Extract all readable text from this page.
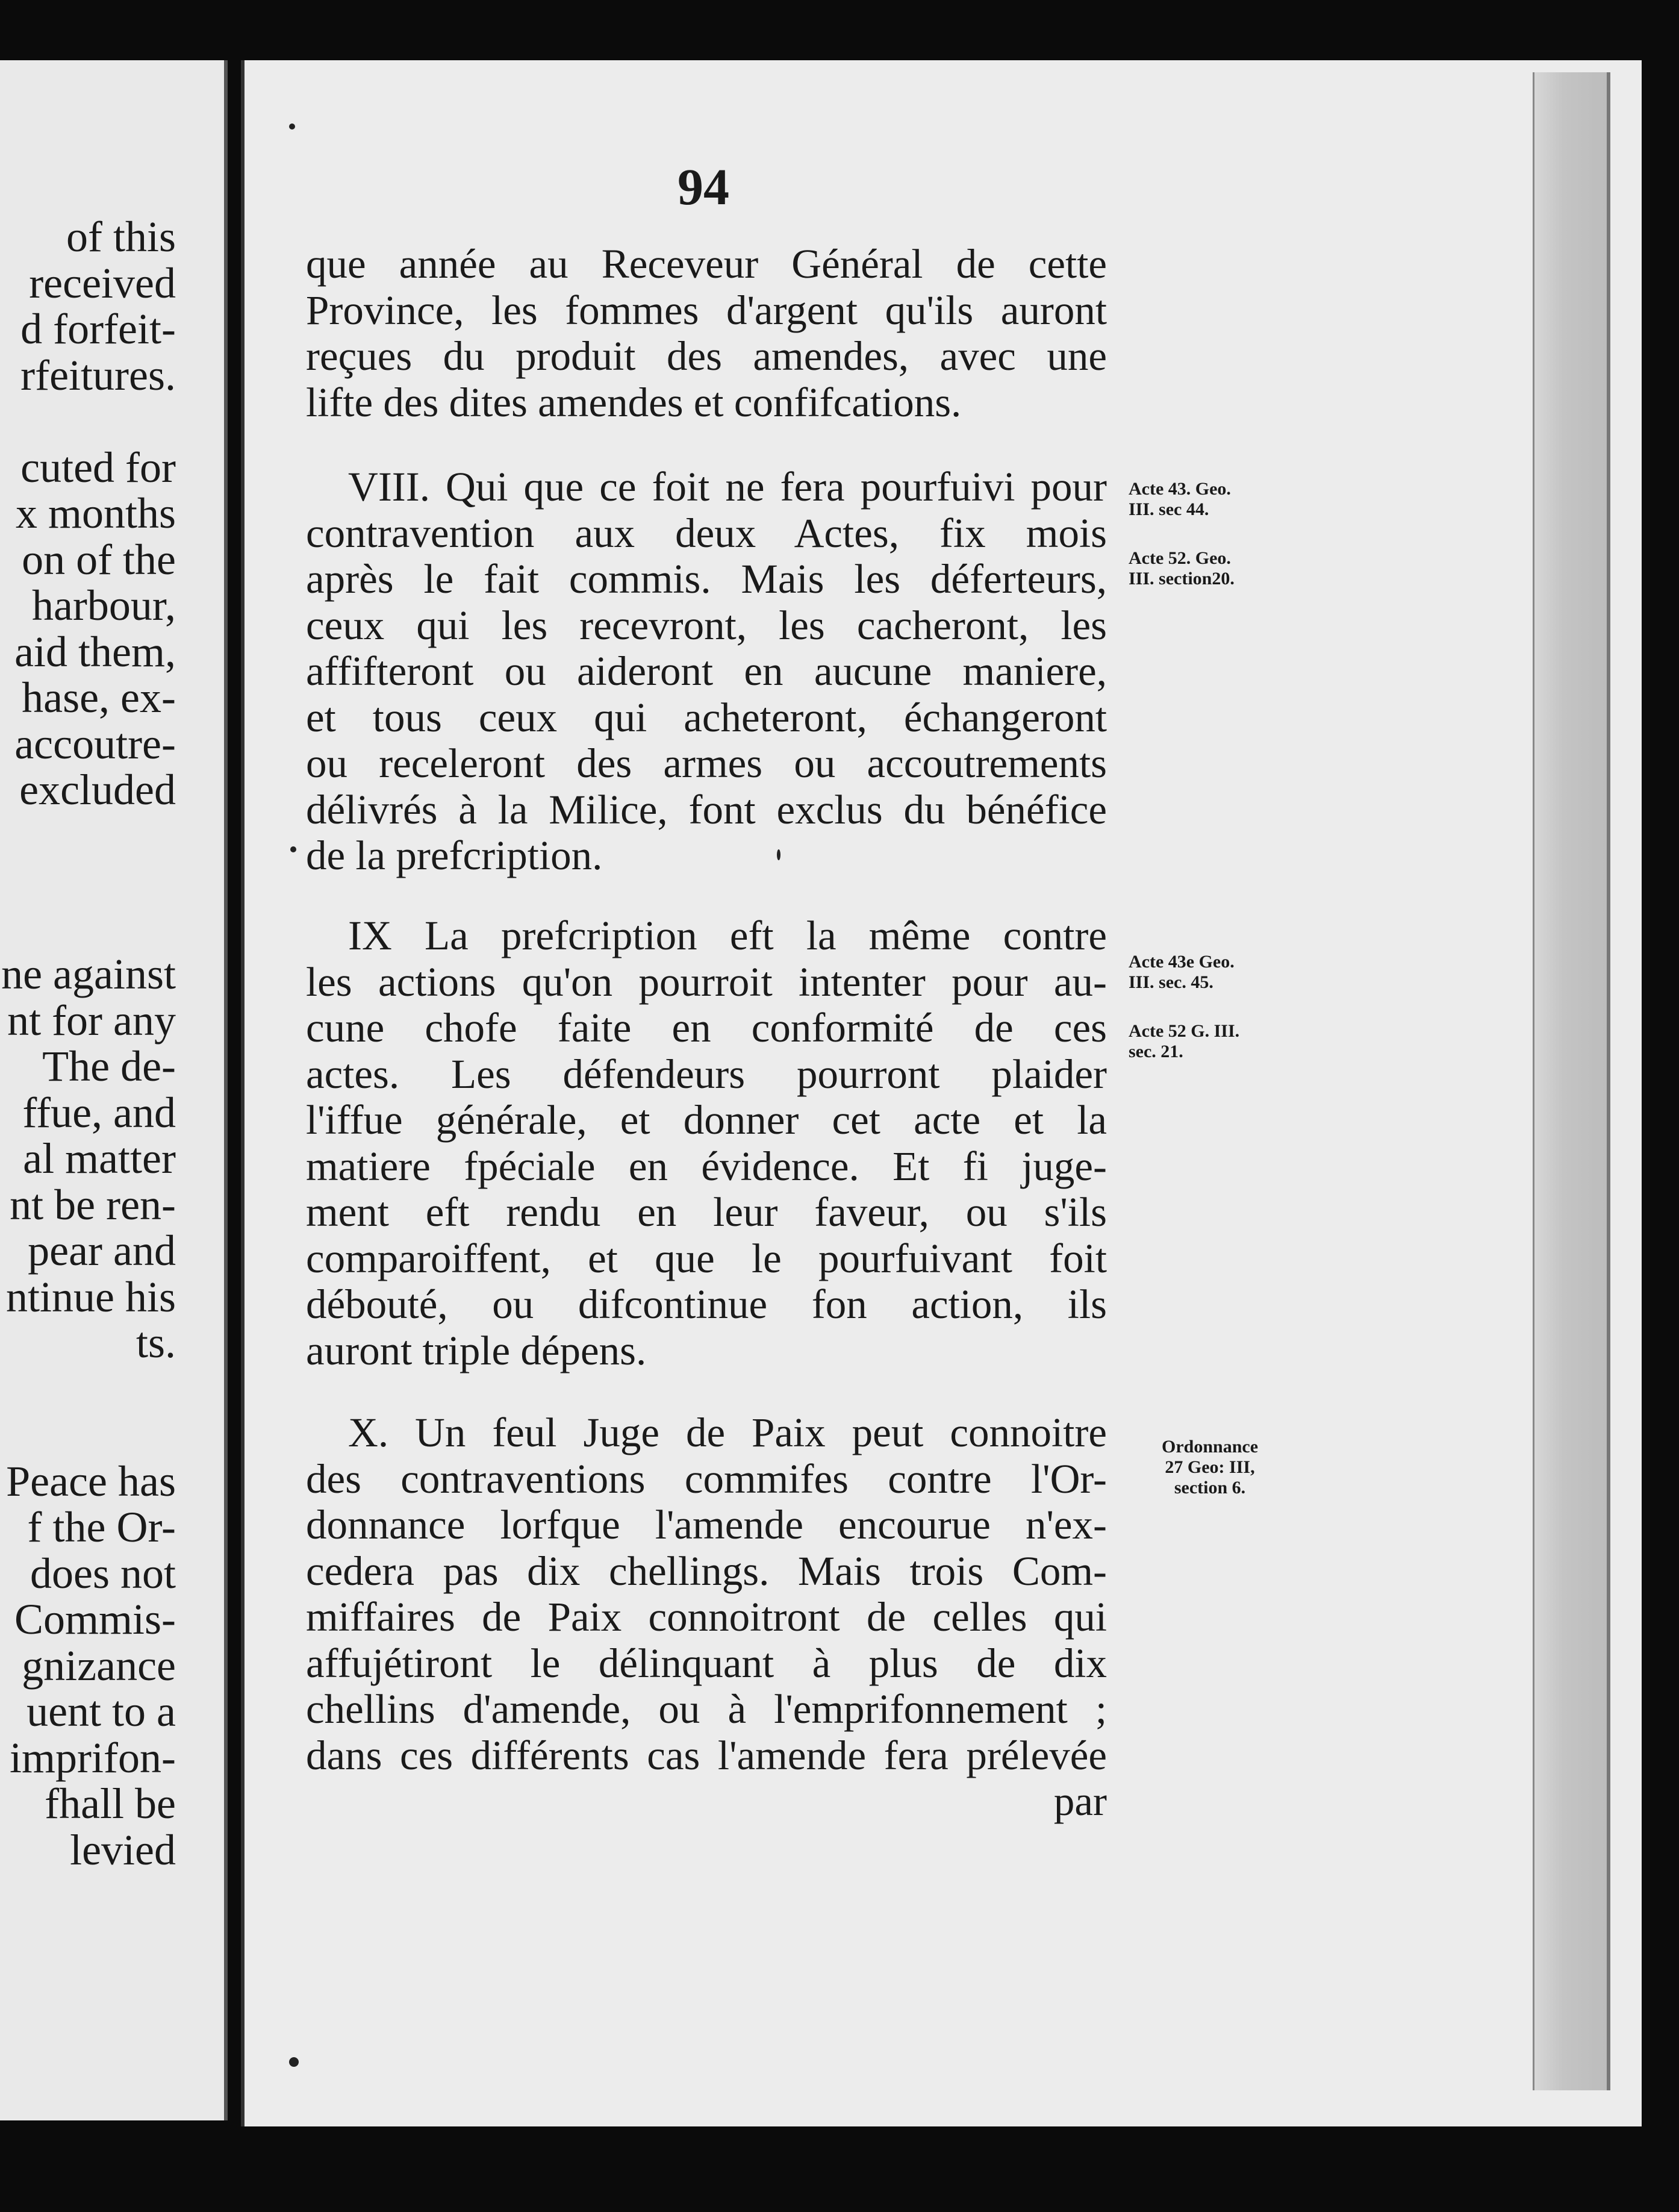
of this
received
d forfeit-
rfeitures.
cuted for
x months
on of the
harbour,
aid them,
hase, ex-
accoutre-
excluded
ne against
nt for any
The de-
ffue, and
al matter
nt be ren-
pear and
ntinue his
ts.
Peace has
f the Or-
does not
Commis-
gnizance
uent to a
imprifon-
fhall be
levied
94
que année au Receveur Général de cette
Province, les fommes d'argent qu'ils auront
reçues du produit des amendes, avec une
lifte des dites amendes et confifcations.
VIII. Qui que ce foit ne fera pourfuivi pour
contravention aux deux Actes, fix mois
après le fait commis. Mais les déferteurs,
ceux qui les recevront, les cacheront, les
affifteront ou aideront en aucune maniere,
et tous ceux qui acheteront, échangeront
ou receleront des armes ou accoutrements
délivrés à la Milice, font exclus du bénéfice
de la prefcription.
IX La prefcription eft la même contre
les actions qu'on pourroit intenter pour au-
cune chofe faite en conformité de ces
actes. Les défendeurs pourront plaider
l'iffue générale, et donner cet acte et la
matiere fpéciale en évidence. Et fi juge-
ment eft rendu en leur faveur, ou s'ils
comparoiffent, et que le pourfuivant foit
débouté, ou difcontinue fon action, ils
auront triple dépens.
X. Un feul Juge de Paix peut connoitre
des contraventions commifes contre l'Or-
donnance lorfque l'amende encourue n'ex-
cedera pas dix chellings. Mais trois Com-
miffaires de Paix connoitront de celles qui
affujétiront le délinquant à plus de dix
chellins d'amende, ou à l'emprifonnement ;
dans ces différents cas l'amende fera prélevée
par
Acte 43. Geo.
III. sec 44.
Acte 52. Geo.
III. section20.
Acte 43e Geo.
III. sec. 45.
Acte 52 G. III.
sec. 21.
Ordonnance
27 Geo: III,
section 6.
